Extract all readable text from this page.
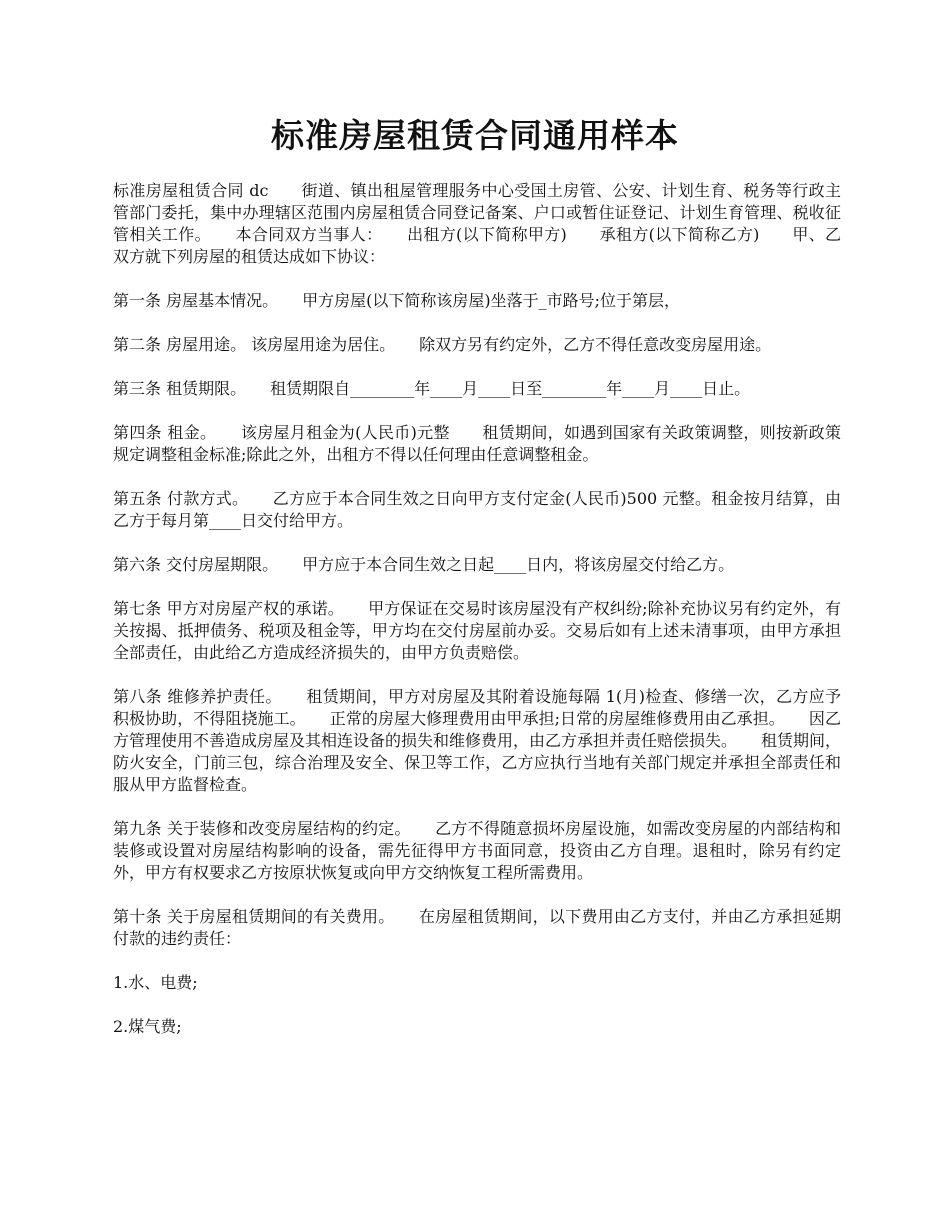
标准房屋租赁合同通用样本

标准房屋租赁合同 dc　　街道、镇出租屋管理服务中心受国土房管、公安、计划生育、税务等行政主管部门委托，集中办理辖区范围内房屋租赁合同登记备案、户口或暂住证登记、计划生育管理、税收征管相关工作。　　本合同双方当事人：　　出租方(以下简称甲方)　　承租方(以下简称乙方)　　甲、乙双方就下列房屋的租赁达成如下协议：

第一条 房屋基本情况。　　甲方房屋(以下简称该房屋)坐落于_市路号;位于第层，

第二条 房屋用途。 该房屋用途为居住。　　除双方另有约定外，乙方不得任意改变房屋用途。

第三条 租赁期限。　　租赁期限自________年____月____日至________年____月____日止。

第四条 租金。　　该房屋月租金为(人民币)元整　　租赁期间，如遇到国家有关政策调整，则按新政策规定调整租金标准;除此之外，出租方不得以任何理由任意调整租金。

第五条 付款方式。　　乙方应于本合同生效之日向甲方支付定金(人民币)500 元整。租金按月结算，由乙方于每月第____日交付给甲方。

第六条 交付房屋期限。　　甲方应于本合同生效之日起____日内，将该房屋交付给乙方。

第七条 甲方对房屋产权的承诺。　　甲方保证在交易时该房屋没有产权纠纷;除补充协议另有约定外，有关按揭、抵押债务、税项及租金等，甲方均在交付房屋前办妥。交易后如有上述未清事项，由甲方承担全部责任，由此给乙方造成经济损失的，由甲方负责赔偿。

第八条 维修养护责任。　　租赁期间，甲方对房屋及其附着设施每隔 1(月)检查、修缮一次，乙方应予积极协助，不得阻挠施工。　　正常的房屋大修理费用由甲承担;日常的房屋维修费用由乙承担。　　因乙方管理使用不善造成房屋及其相连设备的损失和维修费用，由乙方承担并责任赔偿损失。　　租赁期间，防火安全，门前三包，综合治理及安全、保卫等工作，乙方应执行当地有关部门规定并承担全部责任和服从甲方监督检查。

第九条 关于装修和改变房屋结构的约定。　　乙方不得随意损坏房屋设施，如需改变房屋的内部结构和装修或设置对房屋结构影响的设备，需先征得甲方书面同意，投资由乙方自理。退租时，除另有约定外，甲方有权要求乙方按原状恢复或向甲方交纳恢复工程所需费用。

第十条 关于房屋租赁期间的有关费用。　　在房屋租赁期间，以下费用由乙方支付，并由乙方承担延期付款的违约责任：

1.水、电费;

2.煤气费;
